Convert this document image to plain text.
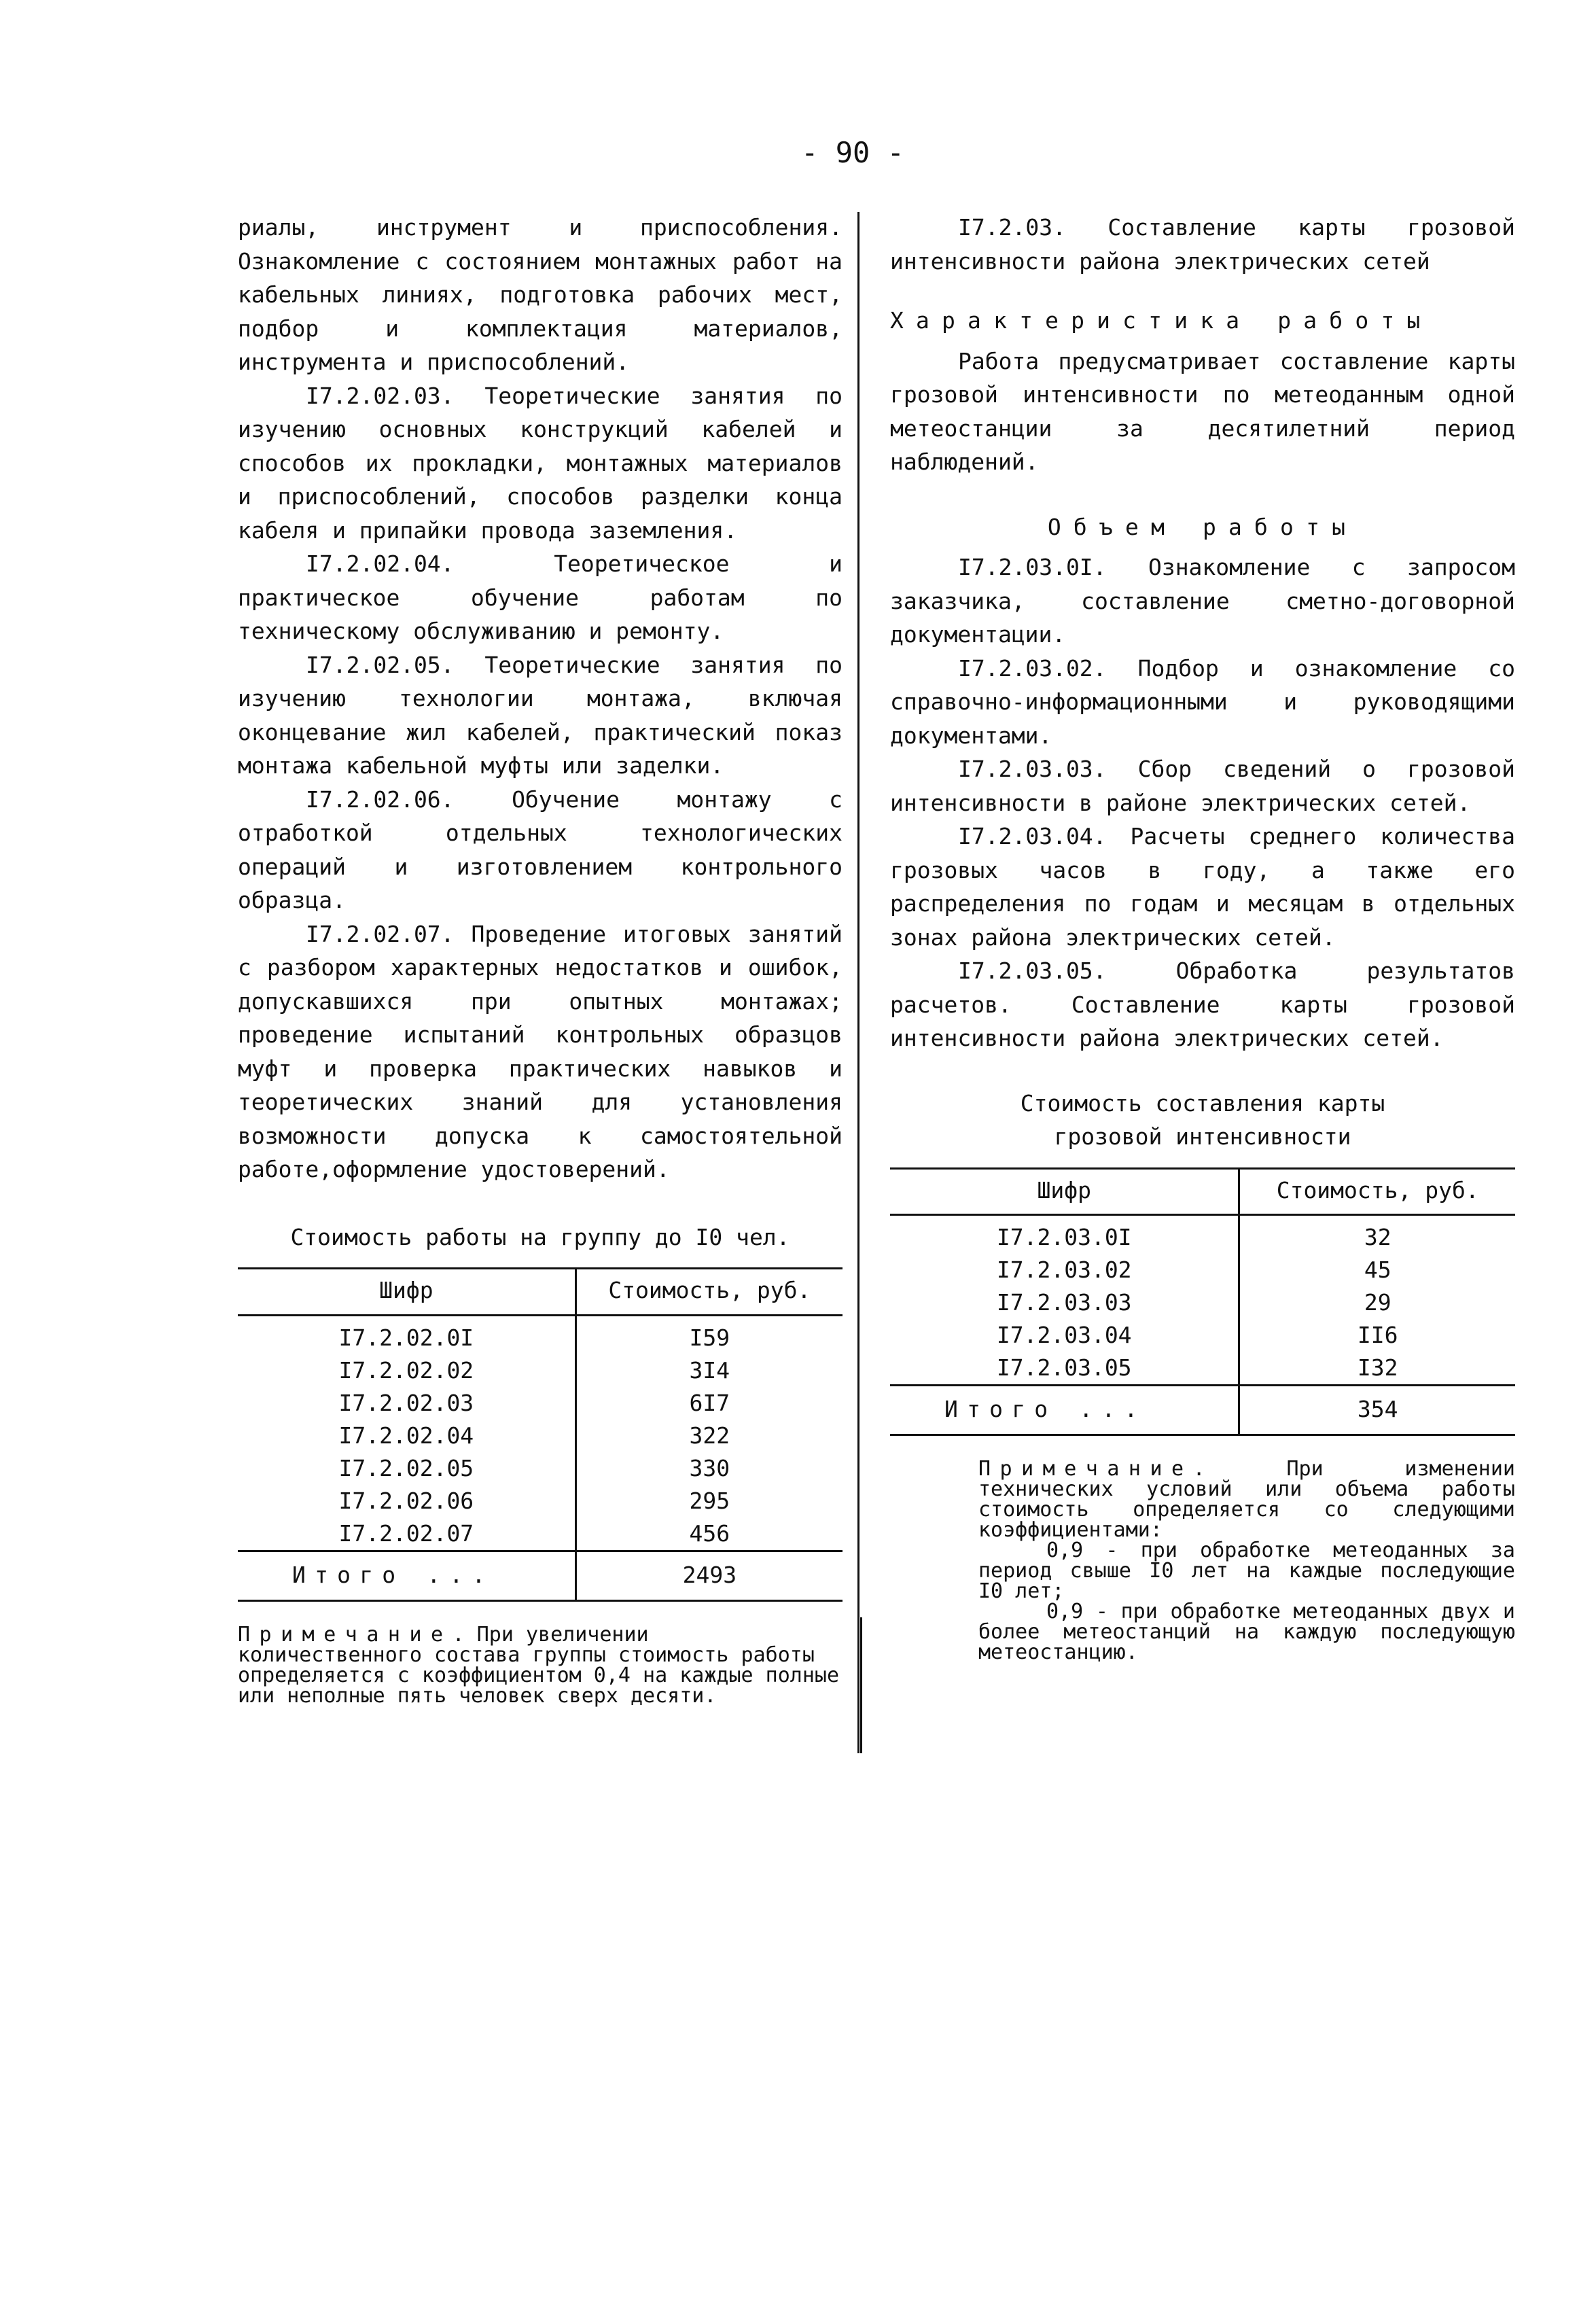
- 90 -

риалы, инструмент и приспособления. Ознакомление с состоянием монтажных работ на кабельных линиях, подготовка рабочих мест, подбор и комплектация материалов, инструмента и приспособлений.

I7.2.02.03. Теоретические занятия по изучению основных конструкций кабелей и способов их прокладки, монтажных материалов и приспособлений, способов разделки конца кабеля и припайки провода заземления.

I7.2.02.04. Теоретическое и практическое обучение работам по техническому обслуживанию и ремонту.

I7.2.02.05. Теоретические занятия по изучению технологии монтажа, включая оконцевание жил кабелей, практический показ монтажа кабельной муфты или заделки.

I7.2.02.06. Обучение монтажу с отработкой отдельных технологических операций и изготовлением контрольного образца.

I7.2.02.07. Проведение итоговых занятий с разбором характерных недостатков и ошибок, допускавшихся при опытных монтажах; проведение испытаний контрольных образцов муфт и проверка практических навыков и теоретических знаний для установления возможности допуска к самостоятельной работе,оформление удостоверений.

Стоимость работы на группу до I0 чел.

Шифр	Стоимость, руб.
I7.2.02.0I	I59
I7.2.02.02	3I4
I7.2.02.03	6I7
I7.2.02.04	322
I7.2.02.05	330
I7.2.02.06	295
I7.2.02.07	456
Итого ...	2493

Примечание. При увеличении количественного состава группы стоимость работы определяется с коэффициентом 0,4 на каждые полные или неполные пять человек сверх десяти.

I7.2.03. Составление карты грозовой интенсивности района электрических сетей

Характеристика работы

Работа предусматривает составление карты грозовой интенсивности по метеоданным одной метеостанции за десятилетний период наблюдений.

Объем работы

I7.2.03.0I. Ознакомление с запросом заказчика, составление сметно-договорной документации.

I7.2.03.02. Подбор и ознакомление со справочно-информационными и руководящими документами.

I7.2.03.03. Сбор сведений о грозовой интенсивности в районе электрических сетей.

I7.2.03.04. Расчеты среднего количества грозовых часов в году, а также его распределения по годам и месяцам в отдельных зонах района электрических сетей.

I7.2.03.05. Обработка результатов расчетов. Составление карты грозовой интенсивности района электрических сетей.

Стоимость составления карты

грозовой интенсивности

Шифр	Стоимость, руб.
I7.2.03.0I	32
I7.2.03.02	45
I7.2.03.03	29
I7.2.03.04	II6
I7.2.03.05	I32
Итого ...	354

Примечание. При изменении технических условий или объема работы стоимость определяется со следующими коэффициентами:

0,9 - при обработке метеоданных за период свыше I0 лет на каждые последующие I0 лет;

0,9 - при обработке метеоданных двух и более метеостанций на каждую последующую метеостанцию.
